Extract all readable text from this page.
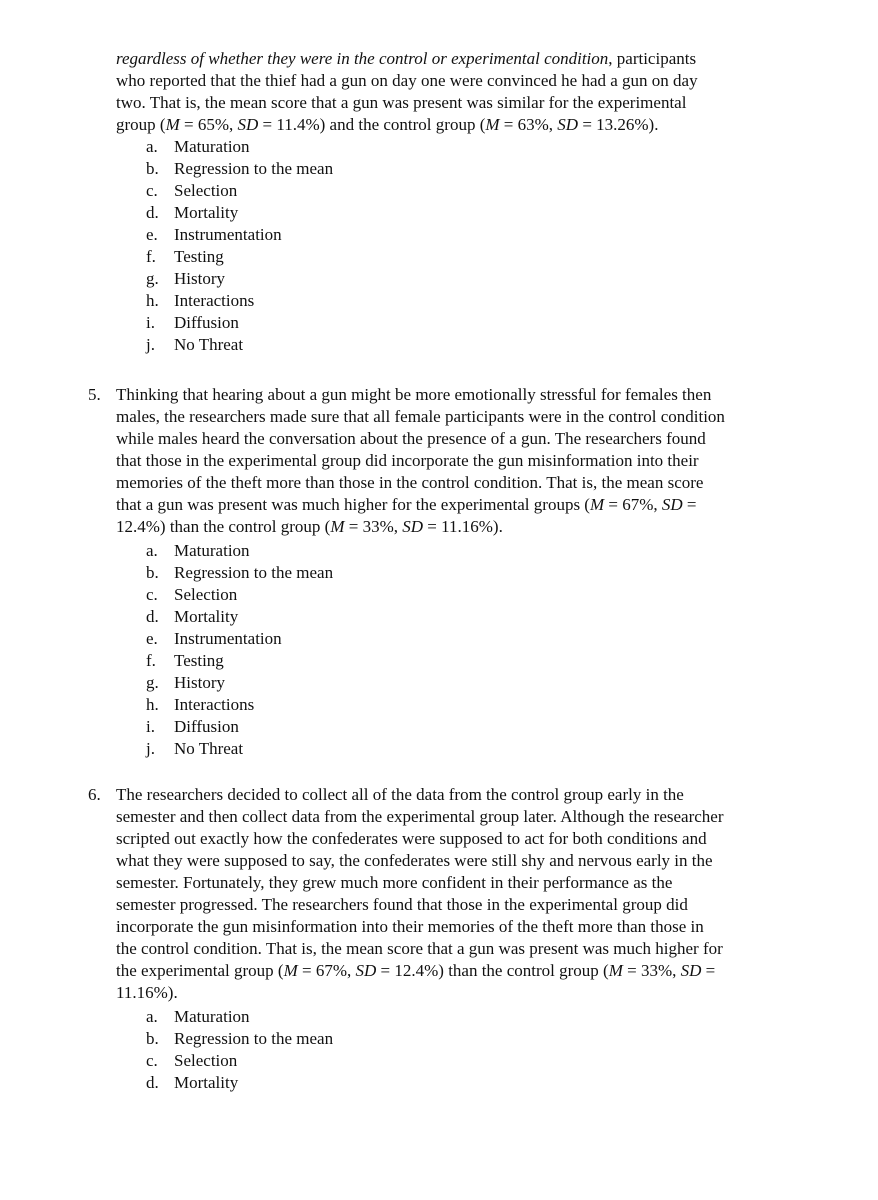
regardless of whether they were in the control or experimental condition, participants
who reported that the thief had a gun on day one were convinced he had a gun on day
two. That is, the mean score that a gun was present was similar for the experimental
group (M = 65%, SD = 11.4%) and the control group (M = 63%, SD = 13.26%).
a. Maturation
b. Regression to the mean
c. Selection
d. Mortality
e. Instrumentation
f.	Testing
g. History
h. Interactions
i.	Diffusion
j.	No Threat
5. Thinking that hearing about a gun might be more emotionally stressful for females then
males, the researchers made sure that all female participants were in the control condition
while males heard the conversation about the presence of a gun. The researchers found
that those in the experimental group did incorporate the gun misinformation into their
memories of the theft more than those in the control condition. That is, the mean score
that a gun was present was much higher for the experimental groups (M = 67%, SD =
12.4%) than the control group (M = 33%, SD = 11.16%).
a. Maturation
b. Regression to the mean
c. Selection
d. Mortality
e. Instrumentation
f.	Testing
g. History
h. Interactions
i.	Diffusion
j.	No Threat
6. The researchers decided to collect all of the data from the control group early in the
semester and then collect data from the experimental group later. Although the researcher
scripted out exactly how the confederates were supposed to act for both conditions and
what they were supposed to say, the confederates were still shy and nervous early in the
semester. Fortunately, they grew much more confident in their performance as the
semester progressed. The researchers found that those in the experimental group did
incorporate the gun misinformation into their memories of the theft more than those in
the control condition. That is, the mean score that a gun was present was much higher for
the experimental group (M = 67%, SD = 12.4%) than the control group (M = 33%, SD =
11.16%).
a. Maturation
b. Regression to the mean
c. Selection
d. Mortality
